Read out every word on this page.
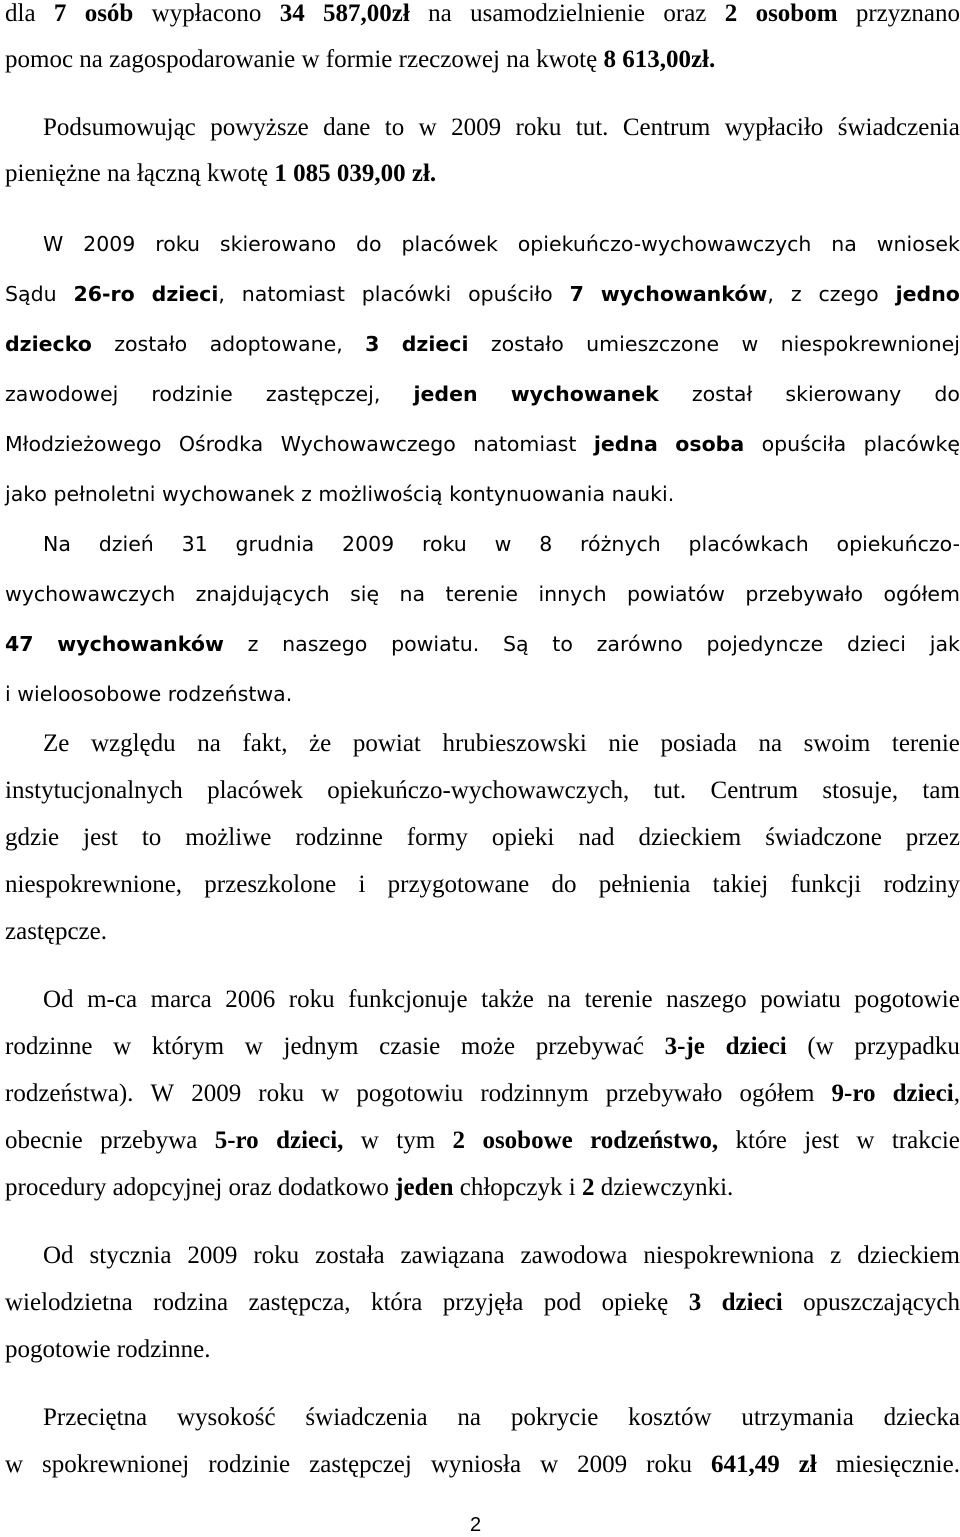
dla 7 osób wypłacono 34 587,00zł na usamodzielnienie oraz 2 osobom przyznano
pomoc na zagospodarowanie w formie rzeczowej na kwotę 8 613,00zł.
Podsumowując powyższe dane to w 2009 roku tut. Centrum wypłaciło świadczenia
pieniężne na łączną kwotę 1 085 039,00 zł.
W 2009 roku skierowano do placówek opiekuńczo-wychowawczych na wniosek
Sądu 26-ro dzieci, natomiast placówki opuściło 7 wychowanków, z czego jedno
dziecko zostało adoptowane, 3 dzieci zostało umieszczone w niespokrewnionej
zawodowej rodzinie zastępczej, jeden wychowanek został skierowany do
Młodzieżowego Ośrodka Wychowawczego natomiast jedna osoba opuściła placówkę
jako pełnoletni wychowanek z możliwością kontynuowania nauki.
Na dzień 31 grudnia 2009 roku w 8 różnych placówkach opiekuńczo-
wychowawczych znajdujących się na terenie innych powiatów przebywało ogółem
47 wychowanków z naszego powiatu. Są to zarówno pojedyncze dzieci jak
i wieloosobowe rodzeństwa.
Ze względu na fakt, że powiat hrubieszowski nie posiada na swoim terenie
instytucjonalnych placówek opiekuńczo-wychowawczych, tut. Centrum stosuje, tam
gdzie jest to możliwe rodzinne formy opieki nad dzieckiem świadczone przez
niespokrewnione, przeszkolone i przygotowane do pełnienia takiej funkcji rodziny
zastępcze.
Od m-ca marca 2006 roku funkcjonuje także na terenie naszego powiatu pogotowie
rodzinne w którym w jednym czasie może przebywać 3-je dzieci (w przypadku
rodzeństwa). W 2009 roku w pogotowiu rodzinnym przebywało ogółem 9-ro dzieci,
obecnie przebywa 5-ro dzieci, w tym 2 osobowe rodzeństwo, które jest w trakcie
procedury adopcyjnej oraz dodatkowo jeden chłopczyk i 2 dziewczynki.
Od stycznia 2009 roku została zawiązana zawodowa niespokrewniona z dzieckiem
wielodzietna rodzina zastępcza, która przyjęła pod opiekę 3 dzieci opuszczających
pogotowie rodzinne.
Przeciętna wysokość świadczenia na pokrycie kosztów utrzymania dziecka
w spokrewnionej rodzinie zastępczej wyniosła w 2009 roku 641,49 zł miesięcznie.
2
